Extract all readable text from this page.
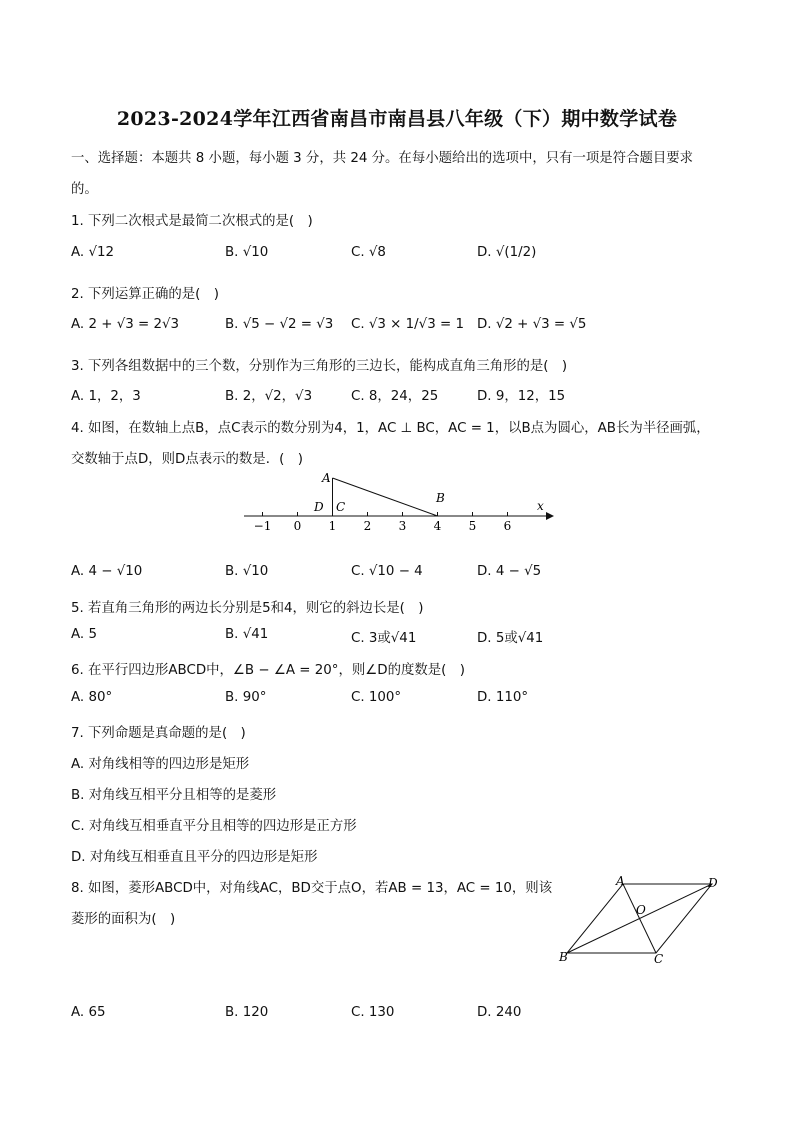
2023-2024学年江西省南昌市南昌县八年级（下）期中数学试卷
一、选择题：本题共 8 小题，每小题 3 分，共 24 分。在每小题给出的选项中，只有一项是符合题目要求
的。
1. 下列二次根式是最简二次根式的是(　)
A. √12	B. √10	C. √8	D. √(1/2)
2. 下列运算正确的是(　)
A. 2 + √3 = 2√3	B. √5 − √2 = √3 C. √3 × 1/√3 = 1 D. √2 + √3 = √5
3. 下列各组数据中的三个数，分别作为三角形的三边长，能构成直角三角形的是(　)
A. 1，2，3	B. 2，√2，√3	C. 8，24，25	D. 9，12，15
4. 如图，在数轴上点B，点C表示的数分别为4，1，AC ⊥ BC，AC = 1，以B点为圆心，AB长为半径画弧，
交数轴于点D，则D点表示的数是．(　)
A
B
C
D	x
−1 0 1 2 3 4 5 6
A. 4 − √10	B. √10	C. √10 − 4	D. 4 − √5
5. 若直角三角形的两边长分别是5和4，则它的斜边长是(　)
A. 5	B. √41	C. 3或√41	D. 5或√41
6. 在平行四边形ABCD中，∠B − ∠A = 20°，则∠D的度数是(　)
A. 80°	B. 90°	C. 100°	D. 110°
7. 下列命题是真命题的是(　)
A. 对角线相等的四边形是矩形
B. 对角线互相平分且相等的是菱形
C. 对角线互相垂直平分且相等的四边形是正方形
D. 对角线互相垂直且平分的四边形是矩形
8. 如图，菱形ABCD中，对角线AC，BD交于点O，若AB = 13，AC = 10，则该
菱形的面积为(　)
A
B	C
D
O
A. 65	B. 120	C. 130	D. 240
